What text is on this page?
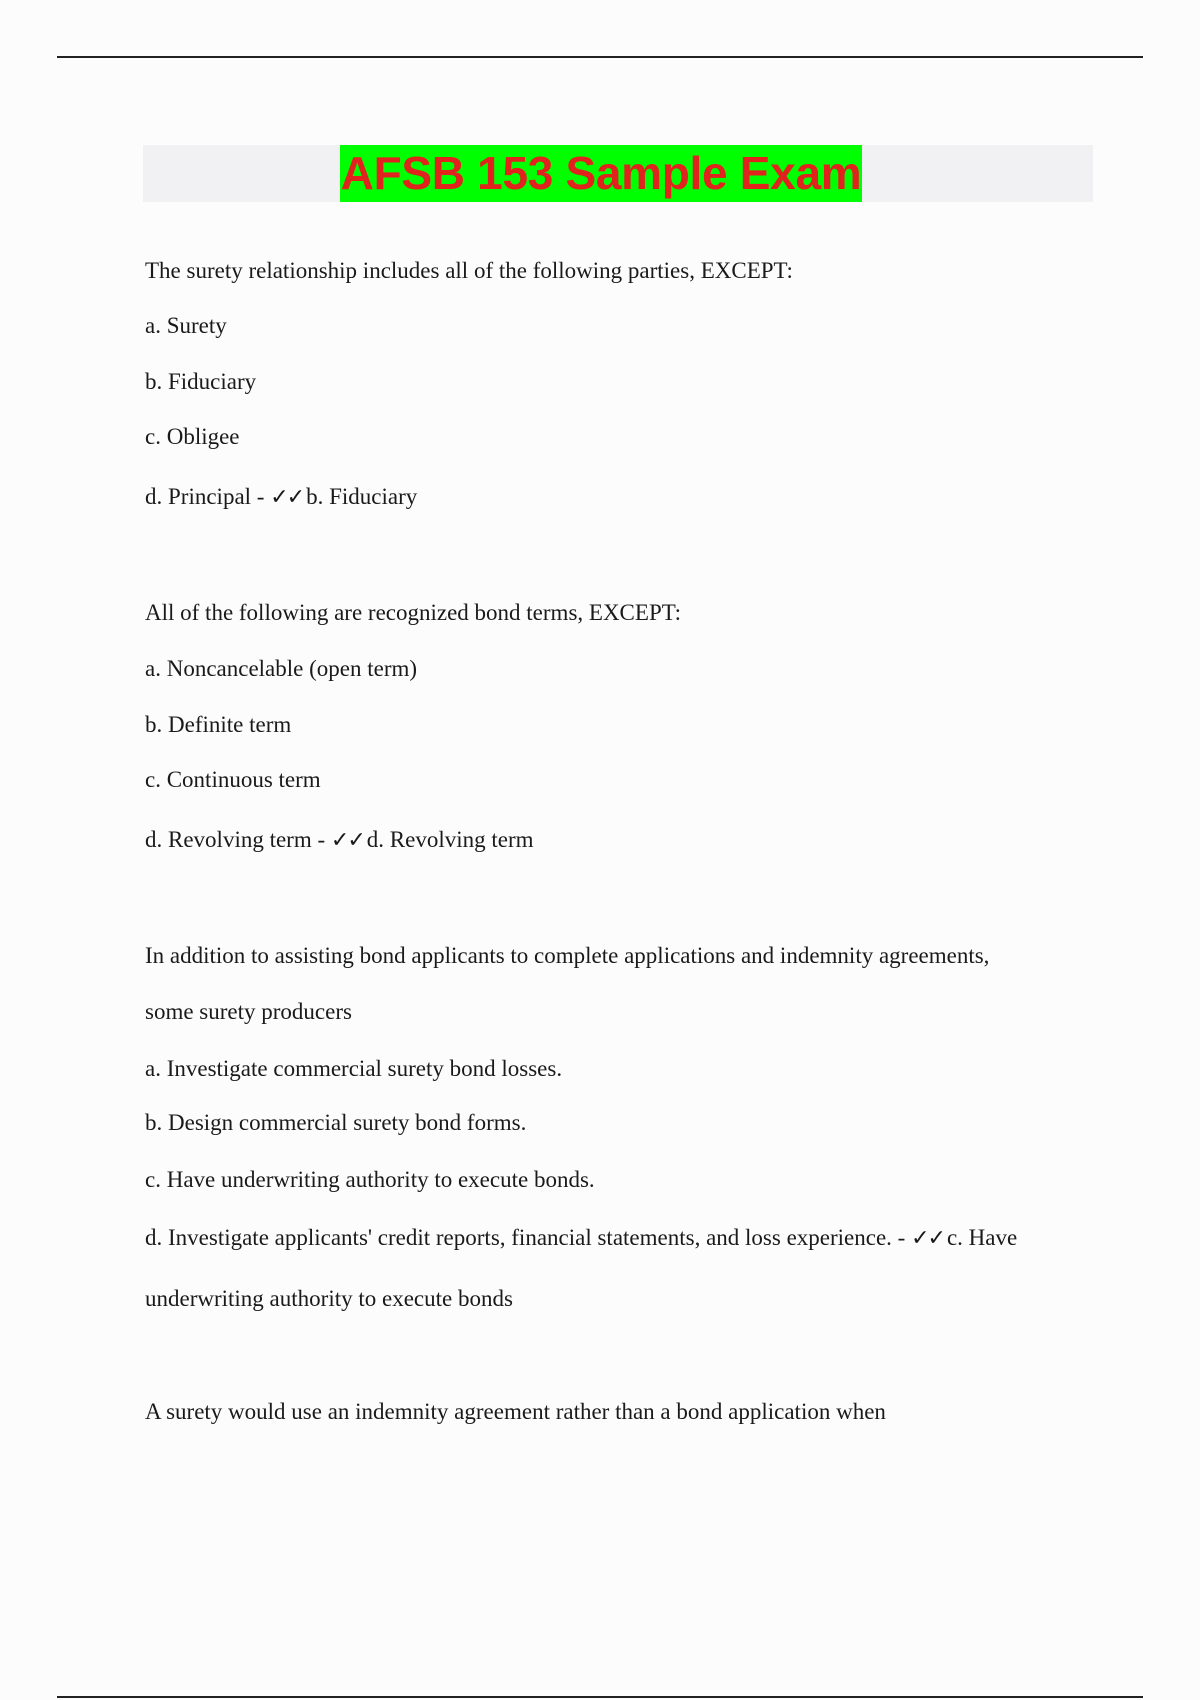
AFSB 153 Sample Exam
The surety relationship includes all of the following parties, EXCEPT:
a. Surety
b. Fiduciary
c. Obligee
d. Principal - ✓✓ b. Fiduciary
All of the following are recognized bond terms, EXCEPT:
a. Noncancelable (open term)
b. Definite term
c. Continuous term
d. Revolving term - ✓✓ d. Revolving term
In addition to assisting bond applicants to complete applications and indemnity agreements,
some surety producers
a. Investigate commercial surety bond losses.
b. Design commercial surety bond forms.
c. Have underwriting authority to execute bonds.
d. Investigate applicants' credit reports, financial statements, and loss experience. - ✓✓ c. Have
underwriting authority to execute bonds
A surety would use an indemnity agreement rather than a bond application when
